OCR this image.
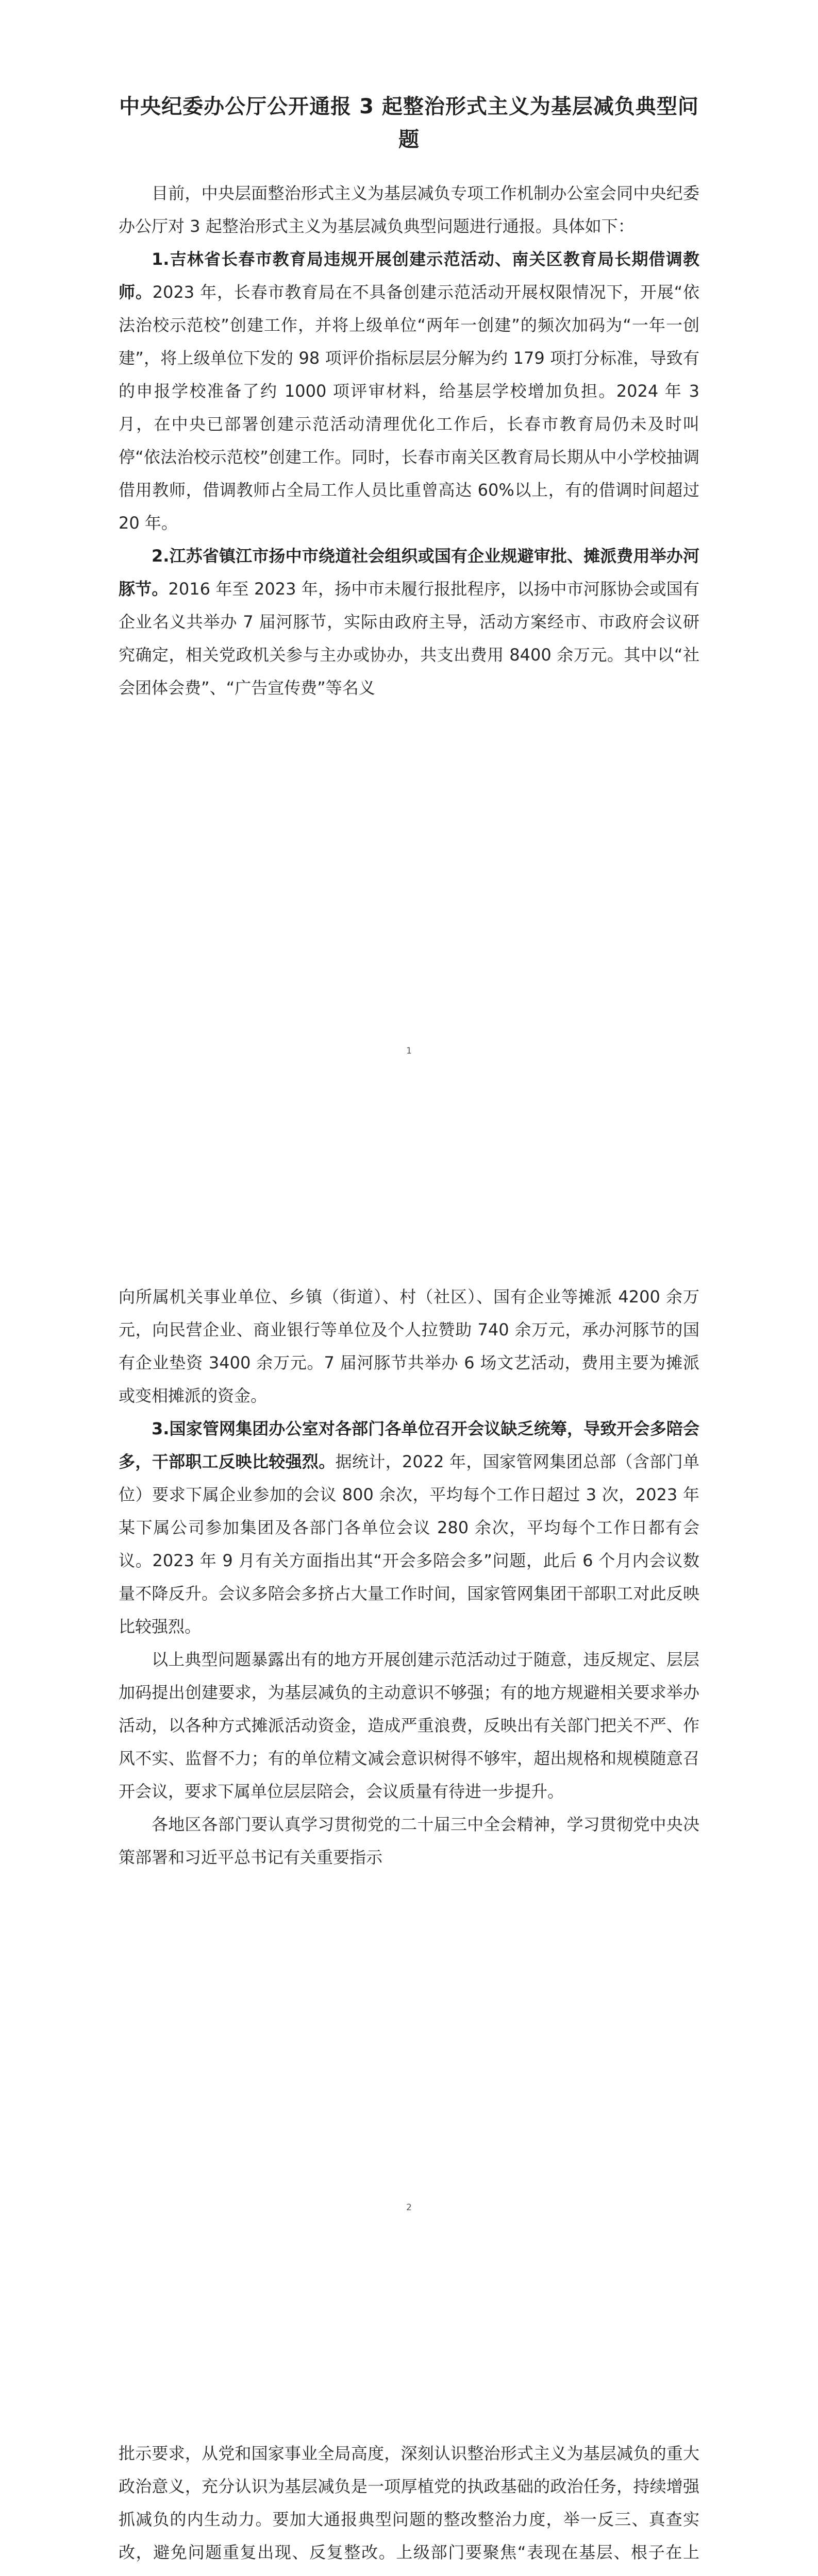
中央纪委办公厅公开通报 3 起整治形式主义为基层减负典型问题

目前，中央层面整治形式主义为基层减负专项工作机制办公室会同中央纪委办公厅对 3 起整治形式主义为基层减负典型问题进行通报。具体如下：

1.吉林省长春市教育局违规开展创建示范活动、南关区教育局长期借调教师。2023 年，长春市教育局在不具备创建示范活动开展权限情况下，开展“依法治校示范校”创建工作，并将上级单位“两年一创建”的频次加码为“一年一创建”，将上级单位下发的 98 项评价指标层层分解为约 179 项打分标准，导致有的申报学校准备了约 1000 项评审材料，给基层学校增加负担。2024 年 3 月，在中央已部署创建示范活动清理优化工作后，长春市教育局仍未及时叫停“依法治校示范校”创建工作。同时，长春市南关区教育局长期从中小学校抽调借用教师，借调教师占全局工作人员比重曾高达 60%以上，有的借调时间超过 20 年。

2.江苏省镇江市扬中市绕道社会组织或国有企业规避审批、摊派费用举办河豚节。2016 年至 2023 年，扬中市未履行报批程序，以扬中市河豚协会或国有企业名义共举办 7 届河豚节，实际由政府主导，活动方案经市、市政府会议研究确定，相关党政机关参与主办或协办，共支出费用 8400 余万元。其中以“社会团体会费”、“广告宣传费”等名义

1

向所属机关事业单位、乡镇（街道）、村（社区）、国有企业等摊派 4200 余万元，向民营企业、商业银行等单位及个人拉赞助 740 余万元，承办河豚节的国有企业垫资 3400 余万元。7 届河豚节共举办 6 场文艺活动，费用主要为摊派或变相摊派的资金。

3.国家管网集团办公室对各部门各单位召开会议缺乏统筹，导致开会多陪会多，干部职工反映比较强烈。据统计，2022 年，国家管网集团总部（含部门单位）要求下属企业参加的会议 800 余次，平均每个工作日超过 3 次，2023 年某下属公司参加集团及各部门各单位会议 280 余次，平均每个工作日都有会议。2023 年 9 月有关方面指出其“开会多陪会多”问题，此后 6 个月内会议数量不降反升。会议多陪会多挤占大量工作时间，国家管网集团干部职工对此反映比较强烈。

以上典型问题暴露出有的地方开展创建示范活动过于随意，违反规定、层层加码提出创建要求，为基层减负的主动意识不够强；有的地方规避相关要求举办活动，以各种方式摊派活动资金，造成严重浪费，反映出有关部门把关不严、作风不实、监督不力；有的单位精文减会意识树得不够牢，超出规格和规模随意召开会议，要求下属单位层层陪会，会议质量有待进一步提升。

各地区各部门要认真学习贯彻党的二十届三中全会精神，学习贯彻党中央决策部署和习近平总书记有关重要指示

2

批示要求，从党和国家事业全局高度，深刻认识整治形式主义为基层减负的重大政治意义，充分认识为基层减负是一项厚植党的执政基础的政治任务，持续增强抓减负的内生动力。要加大通报典型问题的整改整治力度，举一反三、真查实改，避免问题重复出现、反复整改。上级部门要聚焦“表现在基层、根子在上
